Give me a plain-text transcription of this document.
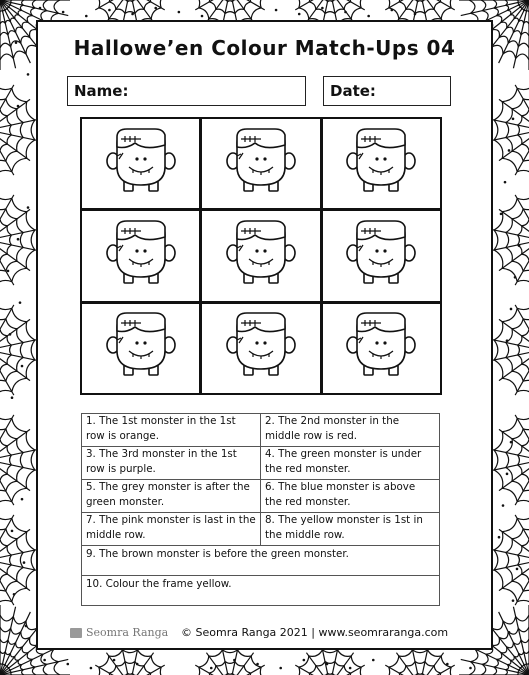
Hallowe’en Colour Match-Ups 04
Name:	Date:
1. The 1st monster in the 1st row is orange.	2. The 2nd monster in the middle row is red.
3. The 3rd monster in the 1st row is purple.	4. The green monster is under the red monster.
5. The grey monster is after the green monster.	6. The blue monster is above the red monster.
7. The pink monster is last in the middle row.	8. The yellow monster is 1st in the middle row.
9. The brown monster is before the green monster.	
10. Colour the frame yellow.	
Seomra Ranga © Seomra Ranga 2021 | www.seomraranga.com
